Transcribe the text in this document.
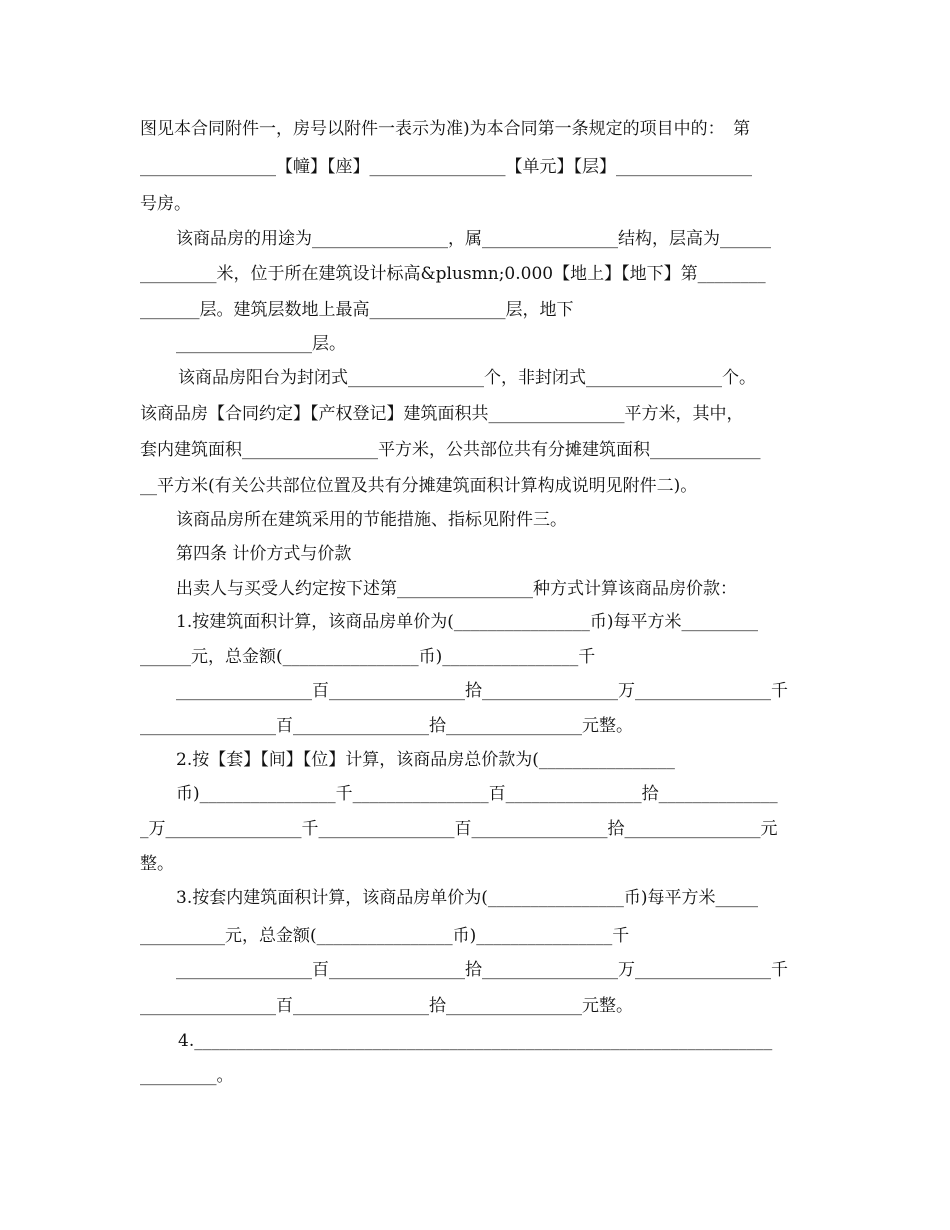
图见本合同附件一，房号以附件一表示为准)为本合同第一条规定的项目中的：　第
________________【幢】【座】________________【单元】【层】________________
号房。
该商品房的用途为________________，属________________结构，层高为______
_________米，位于所在建筑设计标高&plusmn;0.000【地上】【地下】第________
_______层。建筑层数地上最高________________层，地下
________________层。
该商品房阳台为封闭式________________个，非封闭式________________个。
该商品房【合同约定】【产权登记】建筑面积共________________平方米，其中，
套内建筑面积________________平方米，公共部位共有分摊建筑面积_____________
__平方米(有关公共部位位置及共有分摊建筑面积计算构成说明见附件二)。
该商品房所在建筑采用的节能措施、指标见附件三。
第四条 计价方式与价款
出卖人与买受人约定按下述第________________种方式计算该商品房价款：
1.按建筑面积计算，该商品房单价为(________________币)每平方米_________
______元，总金额(________________币)________________千
________________百________________拾________________万________________千
________________百________________拾________________元整。
2.按【套】【间】【位】计算，该商品房总价款为(________________
币)________________千________________百________________拾______________
_万________________千________________百________________拾________________元
整。
3.按套内建筑面积计算，该商品房单价为(________________币)每平方米_____
__________元，总金额(________________币)________________千
________________百________________拾________________万________________千
________________百________________拾________________元整。
4.____________________________________________________________________
_________。
